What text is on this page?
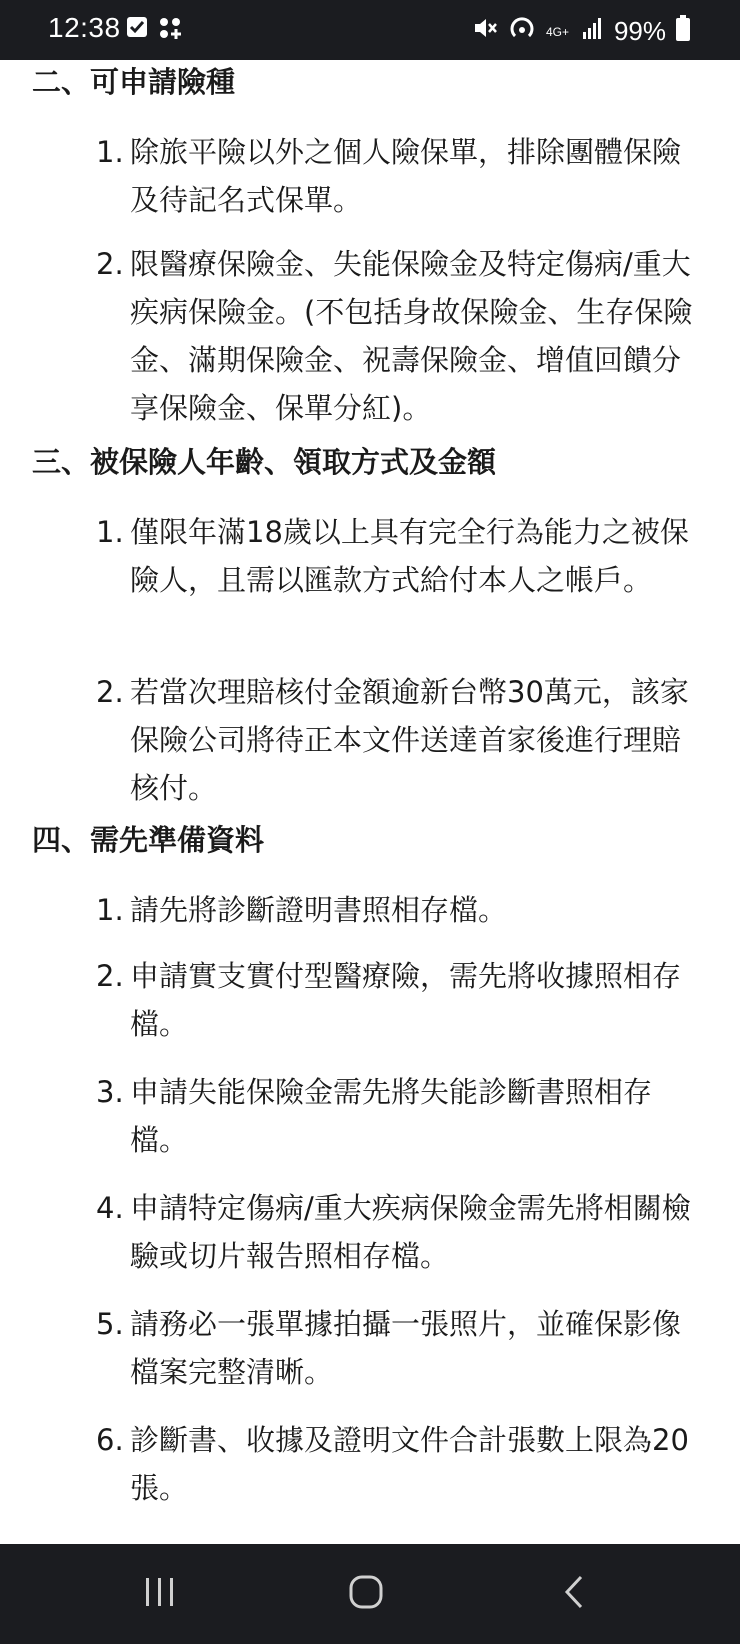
12:38	4G+ 99%
二、可申請險種

1. 除旅平險以外之個人險保單，排除團體保險及待記名式保單。

2. 限醫療保險金、失能保險金及特定傷病/重大疾病保險金。(不包括身故保險金、生存保險金、滿期保險金、祝壽保險金、增值回饋分享保險金、保單分紅)。

三、被保險人年齡、領取方式及金額

1. 僅限年滿18歲以上具有完全行為能力之被保險人，且需以匯款方式給付本人之帳戶。

2. 若當次理賠核付金額逾新台幣30萬元，該家保險公司將待正本文件送達首家後進行理賠核付。

四、需先準備資料

1. 請先將診斷證明書照相存檔。

2. 申請實支實付型醫療險，需先將收據照相存檔。

3. 申請失能保險金需先將失能診斷書照相存檔。

4. 申請特定傷病/重大疾病保險金需先將相關檢驗或切片報告照相存檔。

5. 請務必一張單據拍攝一張照片，並確保影像檔案完整清晰。

6. 診斷書、收據及證明文件合計張數上限為20張。
